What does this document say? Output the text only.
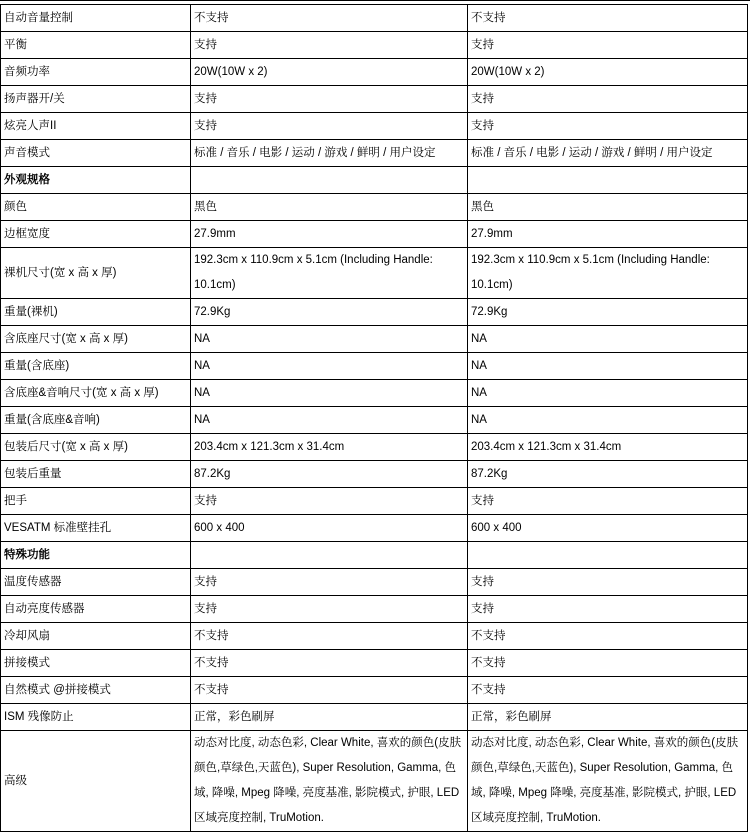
自动音量控制	不支持	不支持
平衡	支持	支持
音频功率	20W(10W x 2)	20W(10W x 2)
扬声器开/关	支持	支持
炫亮人声II	支持	支持
声音模式	标准 / 音乐 / 电影 / 运动 / 游戏 / 鲜明 / 用户设定	标准 / 音乐 / 电影 / 运动 / 游戏 / 鲜明 / 用户设定
外观规格		
颜色	黑色	黑色
边框宽度	27.9mm	27.9mm
裸机尺寸(宽 x 高 x 厚)	192.3cm x 110.9cm x 5.1cm (Including Handle: 10.1cm)	192.3cm x 110.9cm x 5.1cm (Including Handle: 10.1cm)
重量(裸机)	72.9Kg	72.9Kg
含底座尺寸(宽 x 高 x 厚)	NA	NA
重量(含底座)	NA	NA
含底座&音响尺寸(宽 x 高 x 厚)	NA	NA
重量(含底座&音响)	NA	NA
包装后尺寸(宽 x 高 x 厚)	203.4cm x 121.3cm x 31.4cm	203.4cm x 121.3cm x 31.4cm
包装后重量	87.2Kg	87.2Kg
把手	支持	支持
VESATM 标准壁挂孔	600 x 400	600 x 400
特殊功能		
温度传感器	支持	支持
自动亮度传感器	支持	支持
冷却风扇	不支持	不支持
拼接模式	不支持	不支持
自然模式 @拼接模式	不支持	不支持
ISM 残像防止	正常，彩色刷屏	正常，彩色刷屏
高级	动态对比度, 动态色彩, Clear White, 喜欢的颜色(皮肤颜色,草绿色,天蓝色), Super Resolution, Gamma, 色域, 降噪, Mpeg 降噪, 亮度基准, 影院模式, 护眼, LED区域亮度控制, TruMotion.	动态对比度, 动态色彩, Clear White, 喜欢的颜色(皮肤颜色,草绿色,天蓝色), Super Resolution, Gamma, 色域, 降噪, Mpeg 降噪, 亮度基准, 影院模式, 护眼, LED区域亮度控制, TruMotion.
